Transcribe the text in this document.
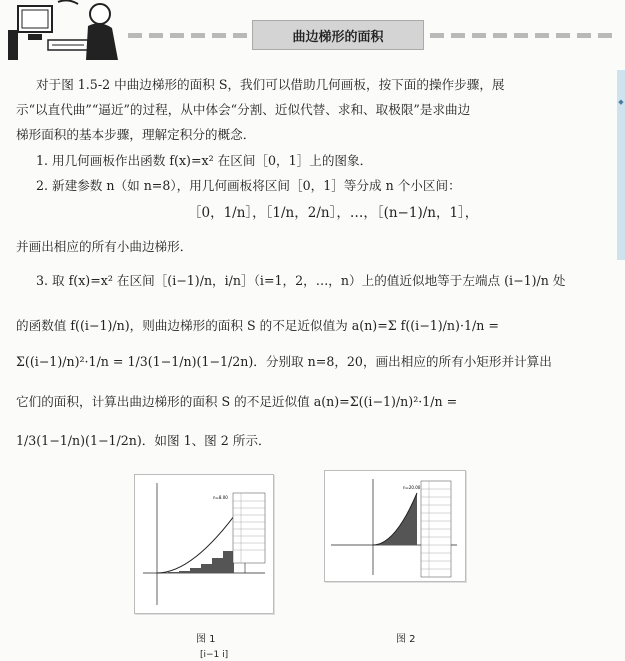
曲边梯形的面积
◆
对于图 1.5-2 中曲边梯形的面积 S，我们可以借助几何画板，按下面的操作步骤，展
示“以直代曲”“逼近”的过程，从中体会“分割、近似代替、求和、取极限”是求曲边
梯形面积的基本步骤，理解定积分的概念．
1. 用几何画板作出函数 f(x)=x² 在区间［0，1］上的图象．
2. 新建参数 n（如 n=8），用几何画板将区间［0，1］等分成 n 个小区间：
［0，1/n］，［1/n，2/n］，…，［(n−1)/n，1］，
并画出相应的所有小曲边梯形．
3. 取 f(x)=x² 在区间［(i−1)/n，i/n］（i=1，2，…，n）上的值近似地等于左端点 (i−1)/n 处
的函数值 f((i−1)/n)，则曲边梯形的面积 S 的不足近似值为 a(n)=Σ f((i−1)/n)·1/n =
Σ((i−1)/n)²·1/n = 1/3(1−1/n)(1−1/2n)．分别取 n=8，20，画出相应的所有小矩形并计算出
它们的面积，计算出曲边梯形的面积 S 的不足近似值 a(n)=Σ((i−1)/n)²·1/n =
1/3(1−1/n)(1−1/2n)．如图 1、图 2 所示．
n=8.00
图 1
n=20.00
图 2
[i−1 i]
